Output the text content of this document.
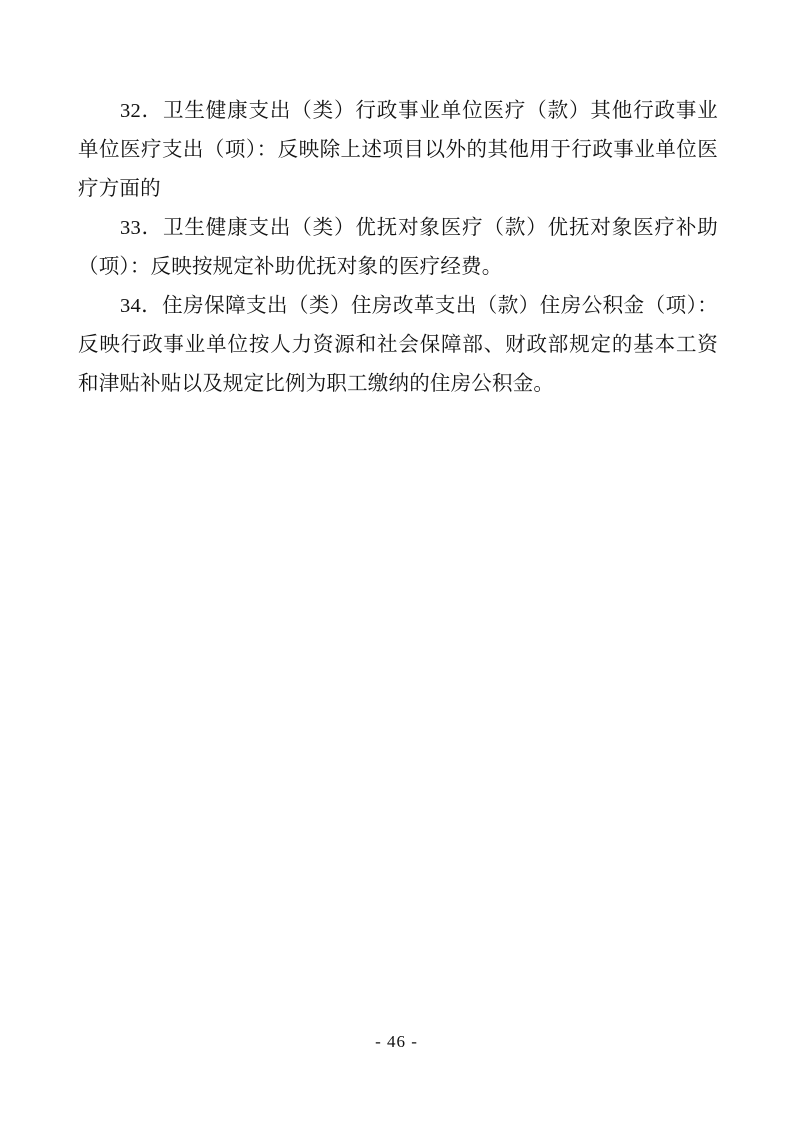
32．卫生健康支出（类）行政事业单位医疗（款）其他行政事业单位医疗支出（项）：反映除上述项目以外的其他用于行政事业单位医疗方面的

33．卫生健康支出（类）优抚对象医疗（款）优抚对象医疗补助（项）：反映按规定补助优抚对象的医疗经费。

34．住房保障支出（类）住房改革支出（款）住房公积金（项）：反映行政事业单位按人力资源和社会保障部、财政部规定的基本工资和津贴补贴以及规定比例为职工缴纳的住房公积金。

- 46 -
